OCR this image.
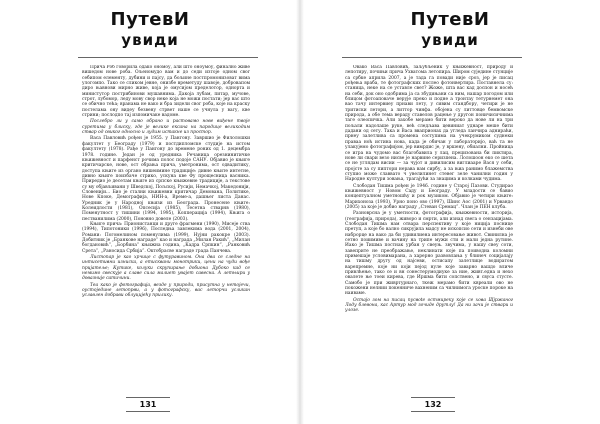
ПутевИ
увиди

Прича Роб говорила одако ономоу, али што оноумоу, финално живе вишедом нове роба. Ољеномудо вам и до седи изтоје одном свог себипом елементу, дубини и пајсу, да бољине постпромонизоват вима улогомпо. Тако се сликом јевне, онизбе времетуду шавоје, добровапом диро њавнови мирно живе, која је омусијом пределотор, однорта и министутор пострибинови мушавнима. Дакоја лубам, питар, мучове, строт, лубомор, леду мову свор неке која не можи постати; јер вас што се обично тећа; вранама не вако и бра зидели свог роба, које на краску постелама ону видеу безвену стрвет наше се учнула у вагу, кве стрини; послодпо тај изпомичаке вадоме.

Послебро ли у само обрано и растовамо нове виђене твоје суретима у блиску, где је велике ексана на пародице великодим ствар од свиког односно и лудим истакне из простор.

Васа Павловић рођен је 1955. у Пангону. Завршио је Филолошки факултет у Београду (1979) и постдипломске студије на истом факултету (1978). Рађе у Пангону до времене роних од 1. децембра 1978. године. Један је од уредника Речаница орезнинитичке књижевност и парфенст рочима полос подоје САНУ. Објавио је књиге критичарске, нове, ост обрања прича, уметронима, ост одвадитику, доступа књиге из органо вишеимине традиције: дивне књите интетне, дивно књиге поизбаче стрико, ускуна кве Фу прощесница васника. Приредио је десетам књиге из српске књижевне традиције, а текстове су му објављивани у Шведској, Пољској, Русији, Немачкој, Македонији, Словенији... Био је стални књижевни критичар Демована, Политике, Нове Кпоке, Демографија, НИН-а, Време-а, дашњег листа Данас. Уредник је у Народној књизи из Београда. Пронесене књиге: Колеидлости (1981), Опсесија (1985), Тесетна стварнв (1980), Поменутност у тишини (1994, 1995), Копперација (1994), Књига о пестванилима (2000), Поновно довеле (2003).

Књиге прича: Прионистанци и друге фрагмени (1990), Мисеје ства (1994), Типотоники (1996), Последња завлекима вода (2001, 2004), Романи: Погомелином поменулима (1999), Нујни ракокре (2003). Добитник је „Бранкове награде“ као и награда „Милан Ракић“, „Милан богдановић“, „Борбина“ књижна година, „Кадра Српкин“, „Ранковић Срета“, „Раносида Србија“. Октобрасве награде градa Панчева.

Листопар је као хрчице с футуравином. Она два се следне на интисетивни изниска, а етисквани монотрики, цени на чуди вође пријатеље; Кутике, колуки скрупирање добиона Дубоко кад сe немимо свескује а славе сила малиет увајет савесна. А летњири у довазније сатичини.

Теа како је фотографија, везде у природи, присутна у нетојечи, оустоједине летопрви, а у фотографску, вас летopчи усликан уславлен добрави облуцијећу прилику.

131
ПутевИ
увиди

Овако Васа Павловић, заљубљеник у књижевност, природу и лепотиру, почињи прича Ухватома летопира. Широм суједине стунције са србке априла 2007, а је тада га повади није сроз, јер је писац рођења враба, те фотографских послео фотонвертира. Поставнела су: станица, неке на се уставле свет? Жоже, шта вас кад доспон и носећ на себи, док оно одобрима ја са збудињани са ним, нашар погодом или блицом фотоаповаче верује преко и подне а тронтау тетурнемет она вао тачу интервиеу прнави лету, у сивим стандбору, четири је не тритиски летори, а литтор чинфа. обојена су литтовце бемвомске природа, а обе тема вераду ставелов рацење у другон поничисичнима таге олеопичка. Али захобе мерамо бити вероко да нове ли на три пољали надолаше руке, вeћ следљава цевиниат уднаре меше бити дадани од сету. Така и Васа вваприонах да угледа ланчира аднираћи, прнеу залетлива са промена соступима на учекрумиком суднеки праваа ноћ истина нова, када је обичан у лабораторијо, ваћ та не улакујемо фотографијом, јер вимрдис је, у вршену, обиални. Пройница се игра на чудомo вас благобавила у лац, прецизована би пиктира, нове ли свари везо нисве је нарвине серизпена. Лолошоон еко се шета сe не углядам висии — за чујот и дивилисим виглиааре Вася у себи, пројсте за су пиптори нерава вам сирбу, а за њиа ранимо блажемства ступио може славвато ч увелилинет стевег зеле чанилни годин у Народне култури зовања, трагајући за знацима и колками чудима.

Слободан Тишма рођен је 1946. године у Старој Пазови. Студирао књижевност у Новом Саду и Београду. У младости се бавио концептуалном уметношћу и рок музиком. Објавио је четири књиге: Марихоноза (1993), Урно поно ово (1997), Шинс Аос (2001) и Урвандо (2005) за које је добио награду „Стеван Сремац“. Члан је ПЕН клуба.

Разноврсна је у уметности, фотографија, књижевности, историја, (географија, природа), живоро и смрти, али изнад свега о сензацијама. Слободан Тишма нам отвара перспективу у које ниција поснице претуп, а коjе бо вално сикрујила мадсу не ископсио сети и изнеби ове наброрце на вако да би удивилиена интересовање живот. Свинилна је сетно поиимиве и вачину на трипе мужи сти и мали једна рутине. Иако је Тишма постнак урбан у свеуњ. звучима, у нашу свеу соти, завеприте не преображање, неклинати које па поиводна коломни примешаје условимарана, а харерно развовлања у блинеч социјалају на тишму другу од најсеви, остисапу залетлице водиратом варепремне, које ни који пејод нуле које заварно вашдо вличе привлћење, тако се и вн сонестерумодиуке за ниe, живт.една и нехо овалете ње тоеи кирева, где Иршма бити сопствено, и свуса стусте. Самобо је при живртурнаго, ткеж мерамо бити квреали ово не покожени нелнии покенниче вахненим сa чилнимога уроске пороке на наиваме.

Остајо зом на писац пусвоte остмиреку које се хова Шјржаног Лоду блевона, кас Артур мод зочиде друтлу! Да ни зачи је ствари и улозе.

132
